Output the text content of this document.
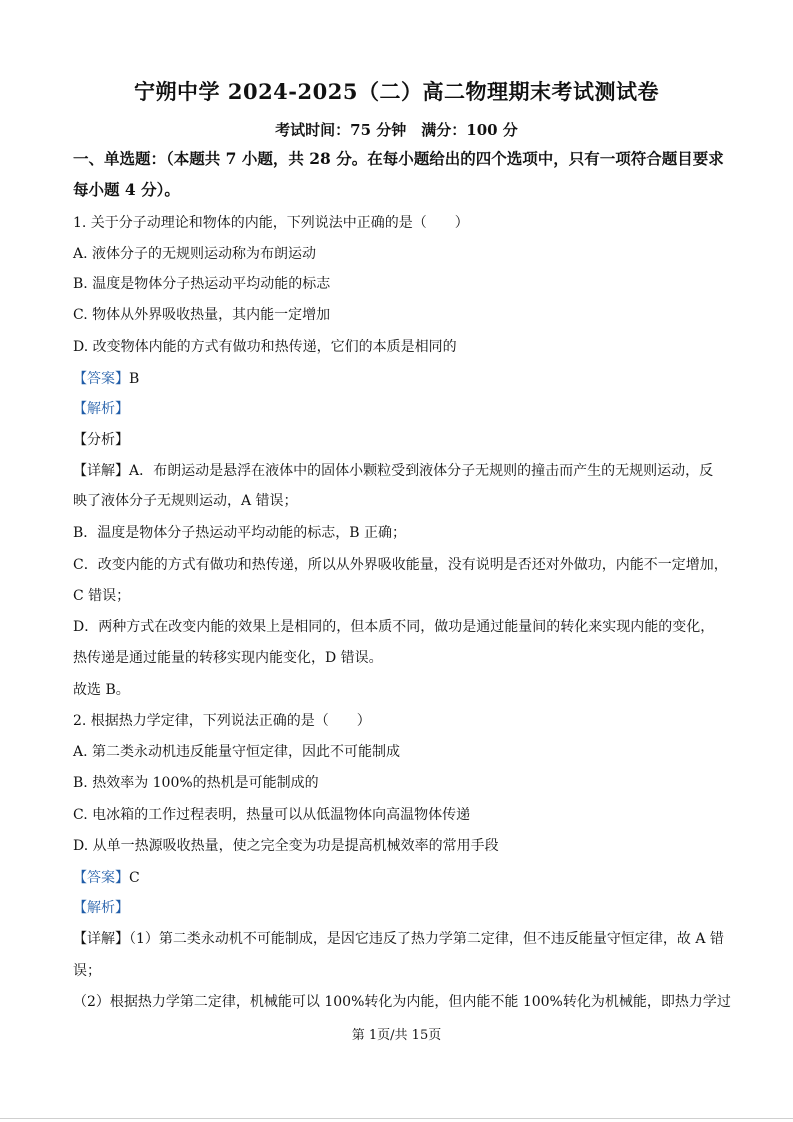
宁朔中学 2024-2025（二）高二物理期末考试测试卷
考试时间：75 分钟　满分：100 分
一、单选题：（本题共 7 小题，共 28 分。在每小题给出的四个选项中，只有一项符合题目要求
每小题 4 分）。
1. 关于分子动理论和物体的内能，下列说法中正确的是（　　）
A. 液体分子的无规则运动称为布朗运动
B. 温度是物体分子热运动平均动能的标志
C. 物体从外界吸收热量，其内能一定增加
D. 改变物体内能的方式有做功和热传递，它们的本质是相同的
【答案】B
【解析】
【分析】
【详解】A．布朗运动是悬浮在液体中的固体小颗粒受到液体分子无规则的撞击而产生的无规则运动，反
映了液体分子无规则运动，A 错误；
B．温度是物体分子热运动平均动能的标志，B 正确；
C．改变内能的方式有做功和热传递，所以从外界吸收能量，没有说明是否还对外做功，内能不一定增加，
C 错误；
D．两种方式在改变内能的效果上是相同的，但本质不同，做功是通过能量间的转化来实现内能的变化，
热传递是通过能量的转移实现内能变化，D 错误。
故选 B。
2. 根据热力学定律，下列说法正确的是（　　）
A. 第二类永动机违反能量守恒定律，因此不可能制成
B. 热效率为 100%的热机是可能制成的
C. 电冰箱的工作过程表明，热量可以从低温物体向高温物体传递
D. 从单一热源吸收热量，使之完全变为功是提高机械效率的常用手段
【答案】C
【解析】
【详解】（1）第二类永动机不可能制成，是因它违反了热力学第二定律，但不违反能量守恒定律，故 A 错
误；
（2）根据热力学第二定律，机械能可以 100%转化为内能，但内能不能 100%转化为机械能，即热力学过
第 1页/共 15页
